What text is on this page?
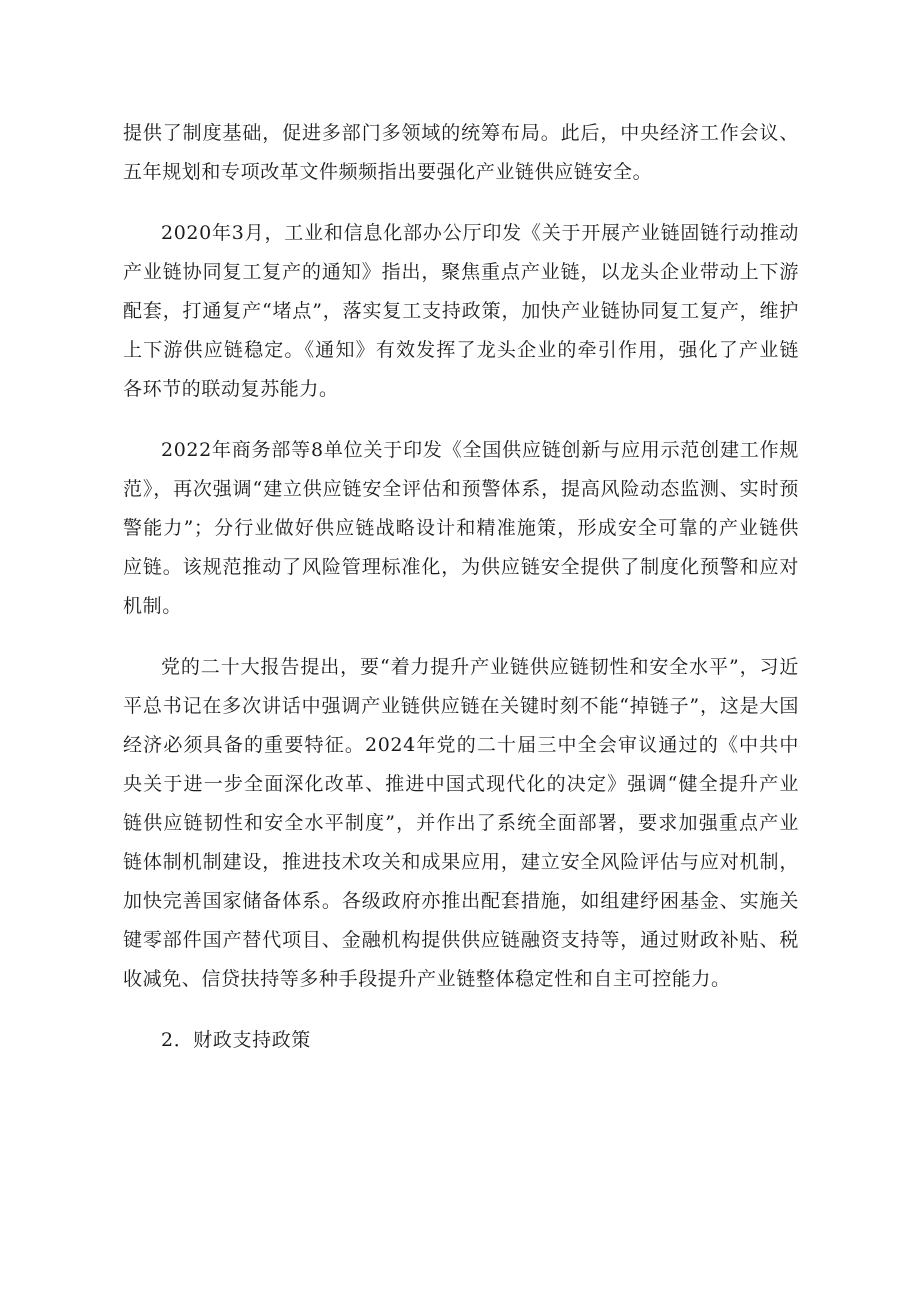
提供了制度基础，促进多部门多领域的统筹布局。此后，中央经济工作会议、五年规划和专项改革文件频频指出要强化产业链供应链安全。

2020年3月，工业和信息化部办公厅印发《关于开展产业链固链行动推动产业链协同复工复产的通知》指出，聚焦重点产业链，以龙头企业带动上下游配套，打通复产“堵点”，落实复工支持政策，加快产业链协同复工复产，维护上下游供应链稳定。《通知》有效发挥了龙头企业的牵引作用，强化了产业链各环节的联动复苏能力。

2022年商务部等8单位关于印发《全国供应链创新与应用示范创建工作规范》，再次强调“建立供应链安全评估和预警体系，提高风险动态监测、实时预警能力”；分行业做好供应链战略设计和精准施策，形成安全可靠的产业链供应链。该规范推动了风险管理标准化，为供应链安全提供了制度化预警和应对机制。

党的二十大报告提出，要“着力提升产业链供应链韧性和安全水平”，习近平总书记在多次讲话中强调产业链供应链在关键时刻不能“掉链子”，这是大国经济必须具备的重要特征。2024年党的二十届三中全会审议通过的《中共中央关于进一步全面深化改革、推进中国式现代化的决定》强调“健全提升产业链供应链韧性和安全水平制度”，并作出了系统全面部署，要求加强重点产业链体制机制建设，推进技术攻关和成果应用，建立安全风险评估与应对机制，加快完善国家储备体系。各级政府亦推出配套措施，如组建纾困基金、实施关键零部件国产替代项目、金融机构提供供应链融资支持等，通过财政补贴、税收减免、信贷扶持等多种手段提升产业链整体稳定性和自主可控能力。

2．财政支持政策
